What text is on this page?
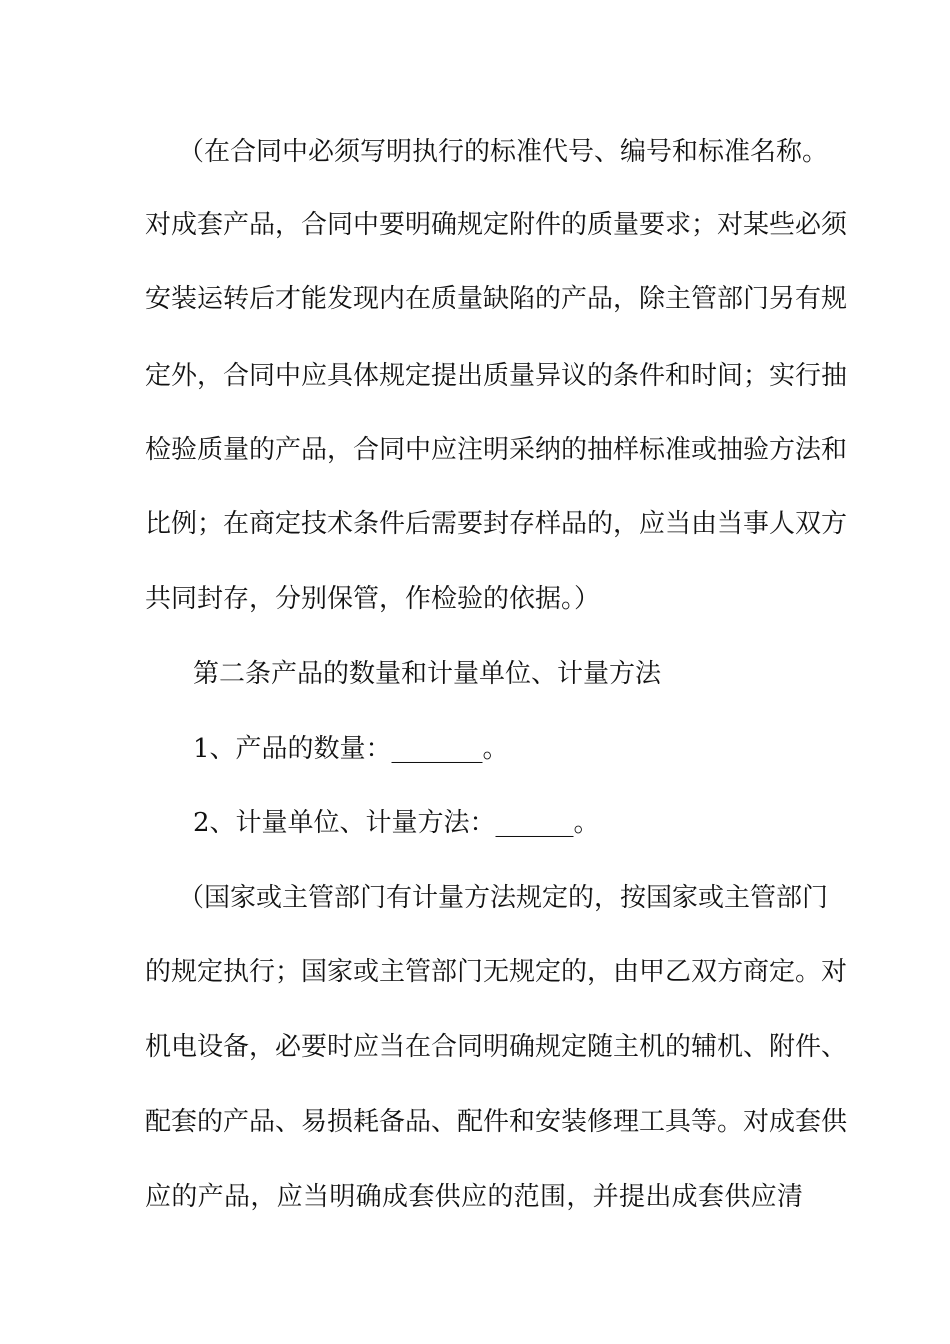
（在合同中必须写明执行的标准代号、编号和标准名称。
对成套产品，合同中要明确规定附件的质量要求；对某些必须
安装运转后才能发现内在质量缺陷的产品，除主管部门另有规
定外，合同中应具体规定提出质量异议的条件和时间；实行抽
检验质量的产品，合同中应注明采纳的抽样标准或抽验方法和
比例；在商定技术条件后需要封存样品的，应当由当事人双方
共同封存，分别保管，作检验的依据。）
第二条产品的数量和计量单位、计量方法
1、产品的数量：_______。
2、计量单位、计量方法：______。
（国家或主管部门有计量方法规定的，按国家或主管部门
的规定执行；国家或主管部门无规定的，由甲乙双方商定。对
机电设备，必要时应当在合同明确规定随主机的辅机、附件、
配套的产品、易损耗备品、配件和安装修理工具等。对成套供
应的产品，应当明确成套供应的范围，并提出成套供应清
